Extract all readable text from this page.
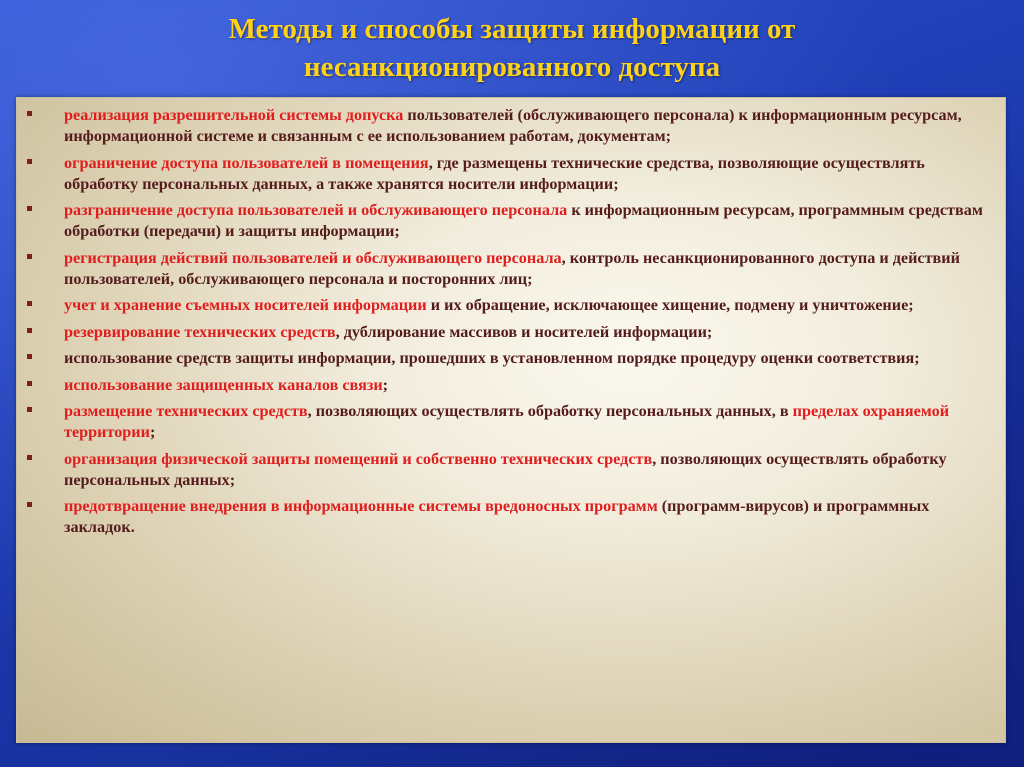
Методы и способы защиты информации от
несанкционированного доступа
реализация разрешительной системы допуска пользователей (обслуживающего персонала) к информационным ресурсам, информационной системе и связанным с ее использованием работам, документам;
ограничение доступа пользователей в помещения, где размещены технические средства, позволяющие осуществлять обработку персональных данных, а также хранятся носители информации;
разграничение доступа пользователей и обслуживающего персонала к информационным ресурсам, программным средствам обработки (передачи) и защиты информации;
регистрация действий пользователей и обслуживающего персонала, контроль несанкционированного доступа и действий пользователей, обслуживающего персонала и посторонних лиц;
учет и хранение съемных носителей информации и их обращение, исключающее хищение, подмену и уничтожение;
резервирование технических средств, дублирование массивов и носителей информации;
использование средств защиты информации, прошедших в установленном порядке процедуру оценки соответствия;
использование защищенных каналов связи;
размещение технических средств, позволяющих осуществлять обработку персональных данных, в пределах охраняемой территории;
организация физической защиты помещений и собственно технических средств, позволяющих осуществлять обработку персональных данных;
предотвращение внедрения в информационные системы вредоносных программ (программ-вирусов) и программных закладок.
